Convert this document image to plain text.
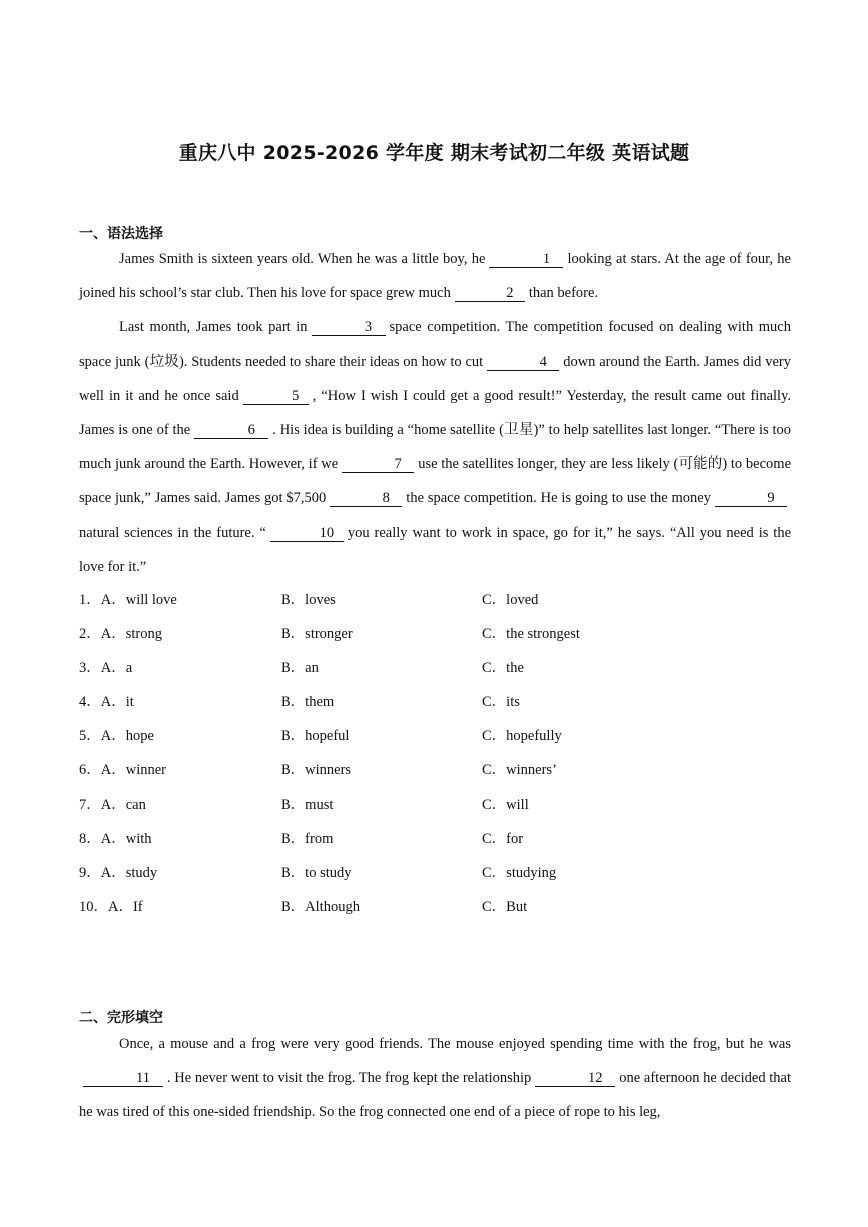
重庆八中 2025-2026 学年度 期末考试初二年级 英语试题
一、语法选择

James Smith is sixteen years old. When he was a little boy, he	1 looking at stars. At the age of four, he joined his school’s star club. Then his love for space grew much	2 than before.

Last month, James took part in	3 space competition. The competition focused on dealing with much space junk (垃圾). Students needed to share their ideas on how to cut	4 down around the Earth. James did very well in it and he once said	5 , “How I wish I could get a good result!” Yesterday, the result came out finally. James is one of the	6 . His idea is building a “home satellite (卫星)” to help satellites last longer. “There is too much junk around the Earth. However, if we	7 use the satellites longer, they are less likely (可能的) to become space junk,” James said. James got $7,500	8 the space competition. He is going to use the money	9natural sciences in the future. “	10 you really want to work in space, go for it,” he says. “All you need is the love for it.”

1．A．will love	B．loves	C．loved
2．A．strong	B．stronger	C．the strongest
3．A．a	B．an	C．the
4．A．it	B．them	C．its
5．A．hope	B．hopeful	C．hopefully
6．A．winner	B．winners	C．winners’
7．A．can	B．must	C．will
8．A．with	B．from	C．for
9．A．study	B．to study	C．studying
10．A．If	B．Although	C．But
二、完形填空

Once, a mouse and a frog were very good friends. The mouse enjoyed spending time with the frog, but he was11 . He never went to visit the frog. The frog kept the relationship	12 one afternoon he decided that he was tired of this one-sided friendship. So the frog connected one end of a piece of rope to his leg,
